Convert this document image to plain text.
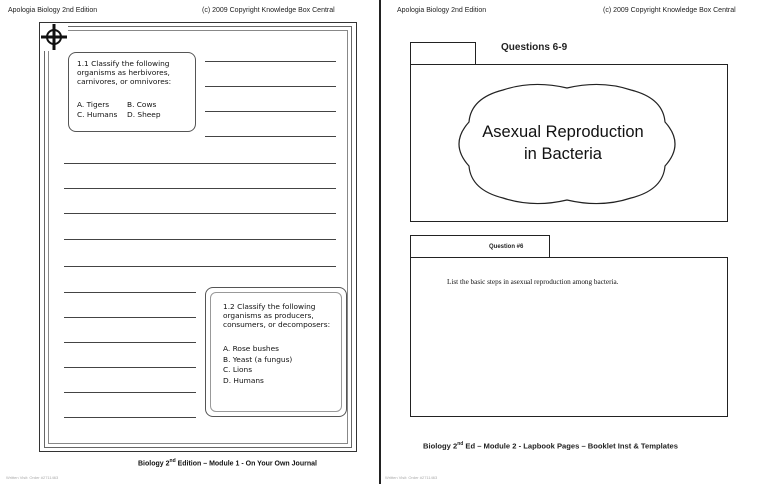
Apologia Biology 2nd Edition	(c) 2009 Copyright Knowledge Box Central
1.1 Classify the following
organisms as herbivores,
carnivores, or omnivores:
A. Tigers B. Cows
C. Humans D. Sheep
1.2 Classify the following
organisms as producers,
consumers, or decomposers:
A. Rose bushes
B. Yeast (a fungus)
C. Lions
D. Humans
Biology 2nd Edition – Module 1 - On Your Own Journal
Written Visit: Order #2711463
Apologia Biology 2nd Edition	(c) 2009 Copyright Knowledge Box Central
Questions 6-9
Asexual Reproduction
in Bacteria
Question #6
List the basic steps in asexual reproduction among bacteria.
Biology 2nd Ed – Module 2 - Lapbook Pages – Booklet Inst & Templates
Written Visit: Order #2711463
